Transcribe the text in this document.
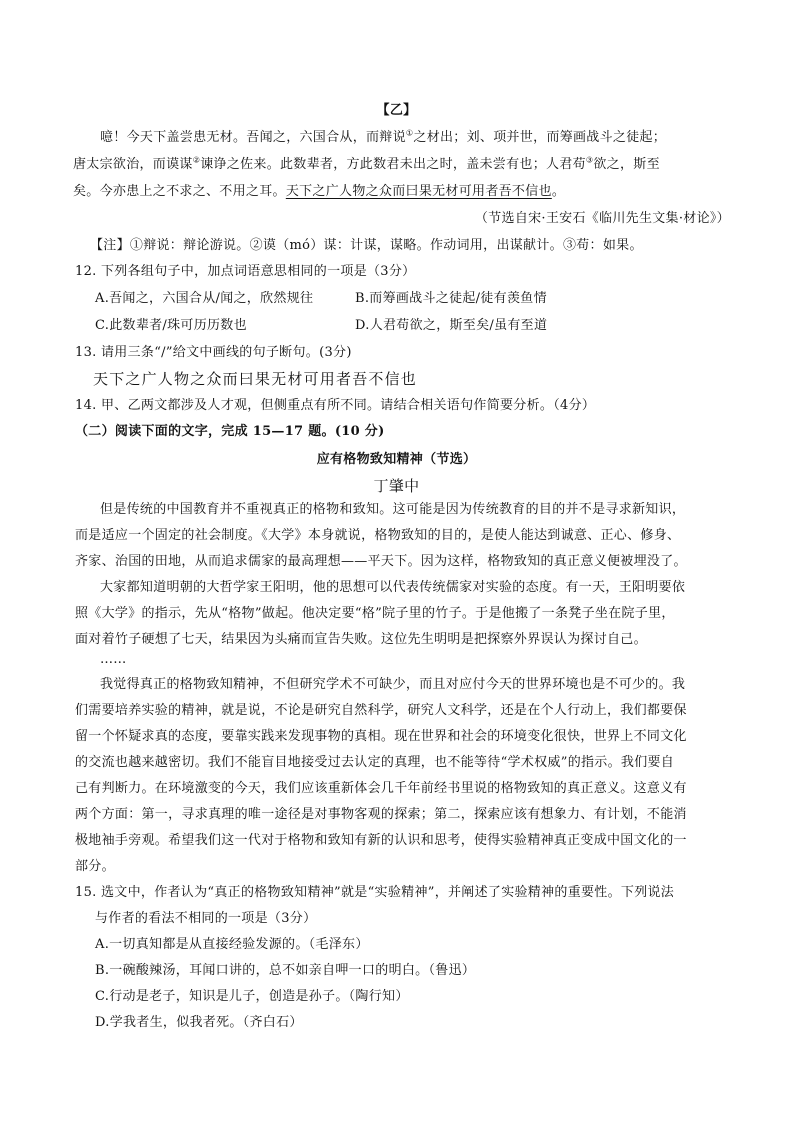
【乙】
噫！今天下盖尝患无材。吾闻之，六国合从，而辩说①之材出；刘、项并世，而筹画战斗之徒起；
唐太宗欲治，而谟谋②谏诤之佐来。此数辈者，方此数君未出之时，盖未尝有也；人君苟③欲之，斯至
矣。今亦患上之不求之、不用之耳。天下之广人物之众而曰果无材可用者吾不信也。
（节选自宋·王安石《临川先生文集·材论》）
【注】①辩说：辩论游说。②谟（mó）谋：计谋，谋略。作动词用，出谋献计。③苟：如果。
12. 下列各组句子中，加点词语意思相同的一项是（3分）
A.吾闻之，六国合从/闻之，欣然规往	B.而筹画战斗之徒起/徒有羡鱼情
C.此数辈者/珠可历历数也	D.人君苟欲之，斯至矣/虽有至道
13. 请用三条“/”给文中画线的句子断句。(3分)
天下之广人物之众而曰果无材可用者吾不信也
14. 甲、乙两文都涉及人才观，但侧重点有所不同。请结合相关语句作简要分析。（4分）
（二）阅读下面的文字，完成 15—17 题。(10 分)
应有格物致知精神（节选）
丁肇中
但是传统的中国教育并不重视真正的格物和致知。这可能是因为传统教育的目的并不是寻求新知识，
而是适应一个固定的社会制度。《大学》本身就说，格物致知的目的，是使人能达到诚意、正心、修身、
齐家、治国的田地，从而追求儒家的最高理想——平天下。因为这样，格物致知的真正意义便被埋没了。
大家都知道明朝的大哲学家王阳明，他的思想可以代表传统儒家对实验的态度。有一天，王阳明要依
照《大学》的指示，先从“格物”做起。他决定要“格”院子里的竹子。于是他搬了一条凳子坐在院子里，
面对着竹子硬想了七天，结果因为头痛而宣告失败。这位先生明明是把探察外界误认为探讨自己。
……
我觉得真正的格物致知精神，不但研究学术不可缺少，而且对应付今天的世界环境也是不可少的。我
们需要培养实验的精神，就是说，不论是研究自然科学，研究人文科学，还是在个人行动上，我们都要保
留一个怀疑求真的态度，要靠实践来发现事物的真相。现在世界和社会的环境变化很快，世界上不同文化
的交流也越来越密切。我们不能盲目地接受过去认定的真理，也不能等待“学术权威”的指示。我们要自
己有判断力。在环境激变的今天，我们应该重新体会几千年前经书里说的格物致知的真正意义。这意义有
两个方面：第一，寻求真理的唯一途径是对事物客观的探索；第二，探索应该有想象力、有计划，不能消
极地袖手旁观。希望我们这一代对于格物和致知有新的认识和思考，使得实验精神真正变成中国文化的一
部分。
15. 选文中，作者认为“真正的格物致知精神”就是“实验精神”，并阐述了实验精神的重要性。下列说法
与作者的看法不相同的一项是（3分）
A.一切真知都是从直接经验发源的。（毛泽东）
B.一碗酸辣汤，耳闻口讲的，总不如亲自呷一口的明白。（鲁迅）
C.行动是老子，知识是儿子，创造是孙子。（陶行知）
D.学我者生，似我者死。（齐白石）
